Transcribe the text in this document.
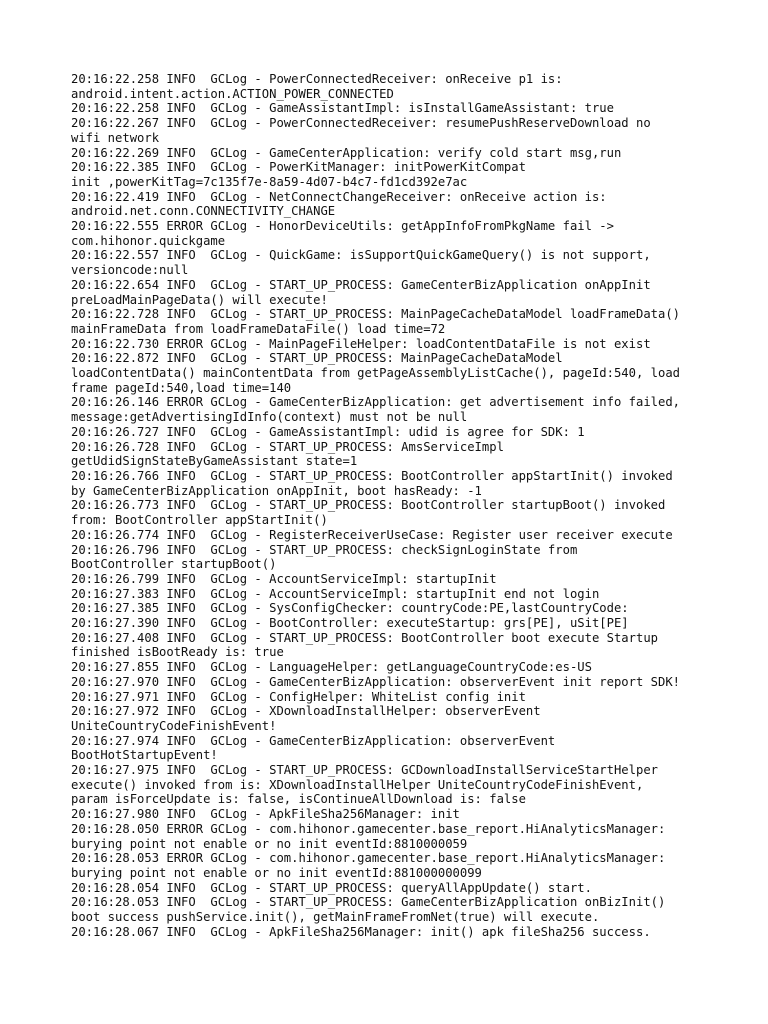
20:16:22.258 INFO  GCLog - PowerConnectedReceiver: onReceive p1 is:
android.intent.action.ACTION_POWER_CONNECTED
20:16:22.258 INFO  GCLog - GameAssistantImpl: isInstallGameAssistant: true
20:16:22.267 INFO  GCLog - PowerConnectedReceiver: resumePushReserveDownload no
wifi network
20:16:22.269 INFO  GCLog - GameCenterApplication: verify cold start msg,run
20:16:22.385 INFO  GCLog - PowerKitManager: initPowerKitCompat
init ,powerKitTag=7c135f7e-8a59-4d07-b4c7-fd1cd392e7ac
20:16:22.419 INFO  GCLog - NetConnectChangeReceiver: onReceive action is:
android.net.conn.CONNECTIVITY_CHANGE
20:16:22.555 ERROR GCLog - HonorDeviceUtils: getAppInfoFromPkgName fail ->
com.hihonor.quickgame
20:16:22.557 INFO  GCLog - QuickGame: isSupportQuickGameQuery() is not support,
versioncode:null
20:16:22.654 INFO  GCLog - START_UP_PROCESS: GameCenterBizApplication onAppInit
preLoadMainPageData() will execute!
20:16:22.728 INFO  GCLog - START_UP_PROCESS: MainPageCacheDataModel loadFrameData()
mainFrameData from loadFrameDataFile() load time=72
20:16:22.730 ERROR GCLog - MainPageFileHelper: loadContentDataFile is not exist
20:16:22.872 INFO  GCLog - START_UP_PROCESS: MainPageCacheDataModel
loadContentData() mainContentData from getPageAssemblyListCache(), pageId:540, load
frame pageId:540,load time=140
20:16:26.146 ERROR GCLog - GameCenterBizApplication: get advertisement info failed,
message:getAdvertisingIdInfo(context) must not be null
20:16:26.727 INFO  GCLog - GameAssistantImpl: udid is agree for SDK: 1
20:16:26.728 INFO  GCLog - START_UP_PROCESS: AmsServiceImpl
getUdidSignStateByGameAssistant state=1
20:16:26.766 INFO  GCLog - START_UP_PROCESS: BootController appStartInit() invoked
by GameCenterBizApplication onAppInit, boot hasReady: -1
20:16:26.773 INFO  GCLog - START_UP_PROCESS: BootController startupBoot() invoked
from: BootController appStartInit()
20:16:26.774 INFO  GCLog - RegisterReceiverUseCase: Register user receiver execute
20:16:26.796 INFO  GCLog - START_UP_PROCESS: checkSignLoginState from
BootController startupBoot()
20:16:26.799 INFO  GCLog - AccountServiceImpl: startupInit
20:16:27.383 INFO  GCLog - AccountServiceImpl: startupInit end not login
20:16:27.385 INFO  GCLog - SysConfigChecker: countryCode:PE,lastCountryCode:
20:16:27.390 INFO  GCLog - BootController: executeStartup: grs[PE], uSit[PE]
20:16:27.408 INFO  GCLog - START_UP_PROCESS: BootController boot execute Startup
finished isBootReady is: true
20:16:27.855 INFO  GCLog - LanguageHelper: getLanguageCountryCode:es-US
20:16:27.970 INFO  GCLog - GameCenterBizApplication: observerEvent init report SDK!
20:16:27.971 INFO  GCLog - ConfigHelper: WhiteList config init
20:16:27.972 INFO  GCLog - XDownloadInstallHelper: observerEvent
UniteCountryCodeFinishEvent!
20:16:27.974 INFO  GCLog - GameCenterBizApplication: observerEvent
BootHotStartupEvent!
20:16:27.975 INFO  GCLog - START_UP_PROCESS: GCDownloadInstallServiceStartHelper
execute() invoked from is: XDownloadInstallHelper UniteCountryCodeFinishEvent,
param isForceUpdate is: false, isContinueAllDownload is: false
20:16:27.980 INFO  GCLog - ApkFileSha256Manager: init
20:16:28.050 ERROR GCLog - com.hihonor.gamecenter.base_report.HiAnalyticsManager:
burying point not enable or no init eventId:8810000059
20:16:28.053 ERROR GCLog - com.hihonor.gamecenter.base_report.HiAnalyticsManager:
burying point not enable or no init eventId:881000000099
20:16:28.054 INFO  GCLog - START_UP_PROCESS: queryAllAppUpdate() start.
20:16:28.053 INFO  GCLog - START_UP_PROCESS: GameCenterBizApplication onBizInit()
boot success pushService.init(), getMainFrameFromNet(true) will execute.
20:16:28.067 INFO  GCLog - ApkFileSha256Manager: init() apk fileSha256 success.
